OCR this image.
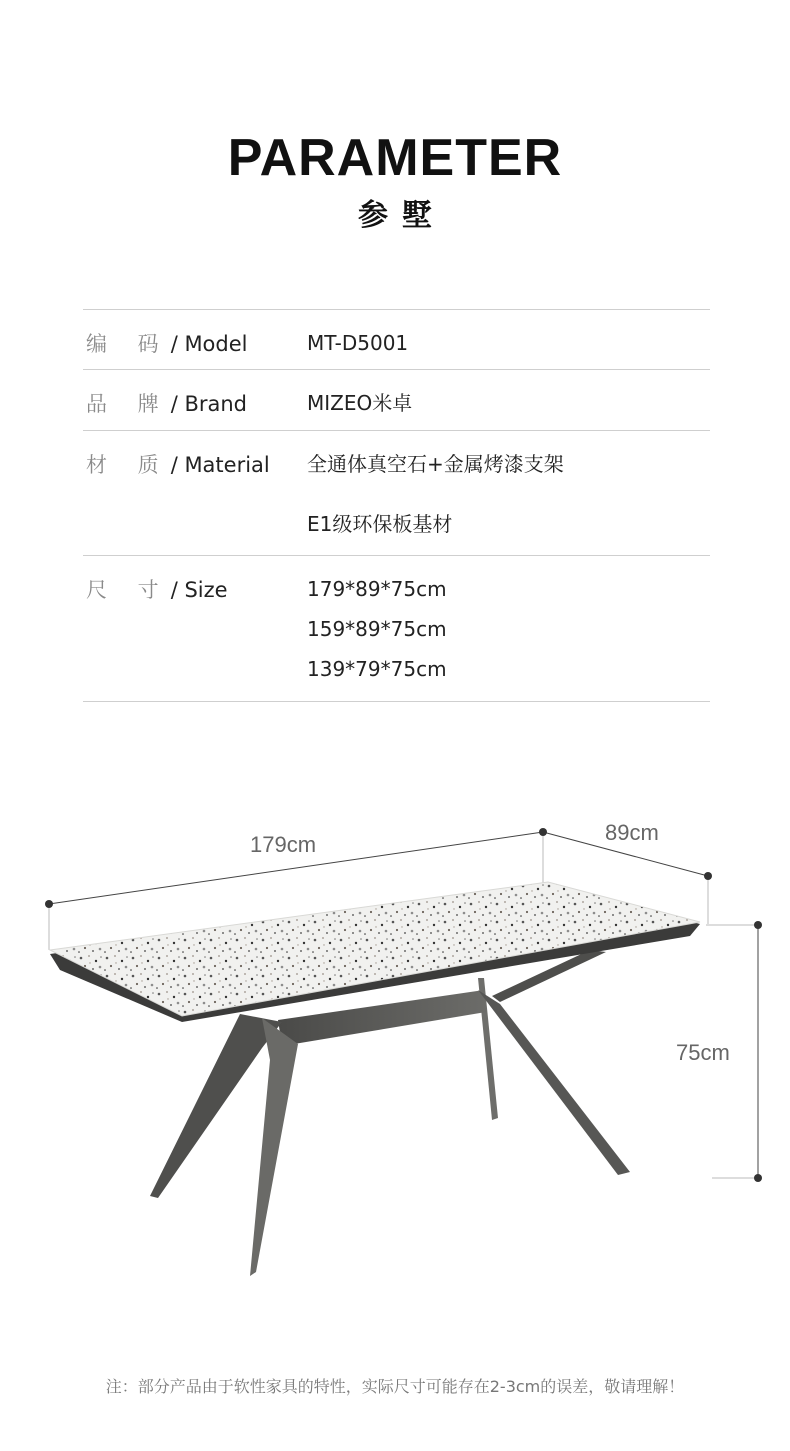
PARAMETER
参墅
编 码/ Model	MT-D5001
品 牌/ Brand	MIZEO米卓
材 质/ Material 全通体真空石+金属烤漆支架
E1级环保板基材
尺 寸/ Size	179*89*75cm
159*89*75cm
139*79*75cm
179cm	89cm
75cm
注：部分产品由于软性家具的特性，实际尺寸可能存在2-3cm的误差，敬请理解！
